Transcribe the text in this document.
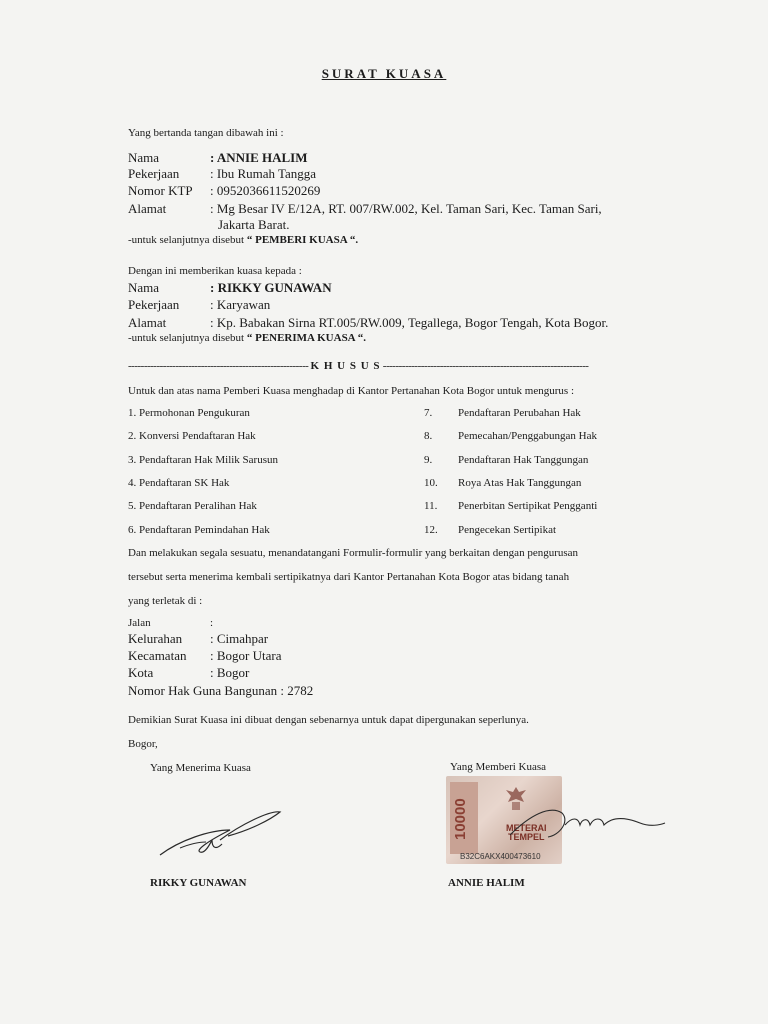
SURAT KUASA
Yang bertanda tangan dibawah ini :
Nama	: ANNIE HALIM
Pekerjaan : Ibu Rumah Tangga
Nomor KTP : 0952036611520269
Alamat	: Mg Besar IV E/12A, RT. 007/RW.002, Kel. Taman Sari, Kec. Taman Sari,
Jakarta Barat.
-untuk selanjutnya disebut “ PEMBERI KUASA “.
Dengan ini memberikan kuasa kepada :
Nama	: RIKKY GUNAWAN
Pekerjaan : Karyawan
Alamat	: Kp. Babakan Sirna RT.005/RW.009, Tegallega, Bogor Tengah, Kota Bogor.
-untuk selanjutnya disebut “ PENERIMA KUASA “.
--------------------------------------------------------- K H U S U S -----------------------------------------------------------------
Untuk dan atas nama Pemberi Kuasa menghadap di Kantor Pertanahan Kota Bogor untuk mengurus :
1. Permohonan Pengukuran
2. Konversi Pendaftaran Hak
3. Pendaftaran Hak Milik Sarusun
4. Pendaftaran SK Hak
5. Pendaftaran Peralihan Hak
6. Pendaftaran Pemindahan Hak
7.
8.
9.
10.
11.
12.
Pendaftaran Perubahan Hak
Pemecahan/Penggabungan Hak
Pendaftaran Hak Tanggungan
Roya Atas Hak Tanggungan
Penerbitan Sertipikat Pengganti
Pengecekan Sertipikat
Dan melakukan segala sesuatu, menandatangani Formulir-formulir yang berkaitan dengan pengurusan
tersebut serta menerima kembali sertipikatnya dari Kantor Pertanahan Kota Bogor atas bidang tanah
yang terletak di :
Jalan	:
Kelurahan : Cimahpar
Kecamatan : Bogor Utara
Kota	: Bogor
Nomor Hak Guna Bangunan : 2782
Demikian Surat Kuasa ini dibuat dengan sebenarnya untuk dapat dipergunakan seperlunya.
Bogor,
Yang Menerima Kuasa	Yang Memberi Kuasa
10000	METERAI
TEMPEL
B32C6AKX400473610
RIKKY GUNAWAN	ANNIE HALIM
